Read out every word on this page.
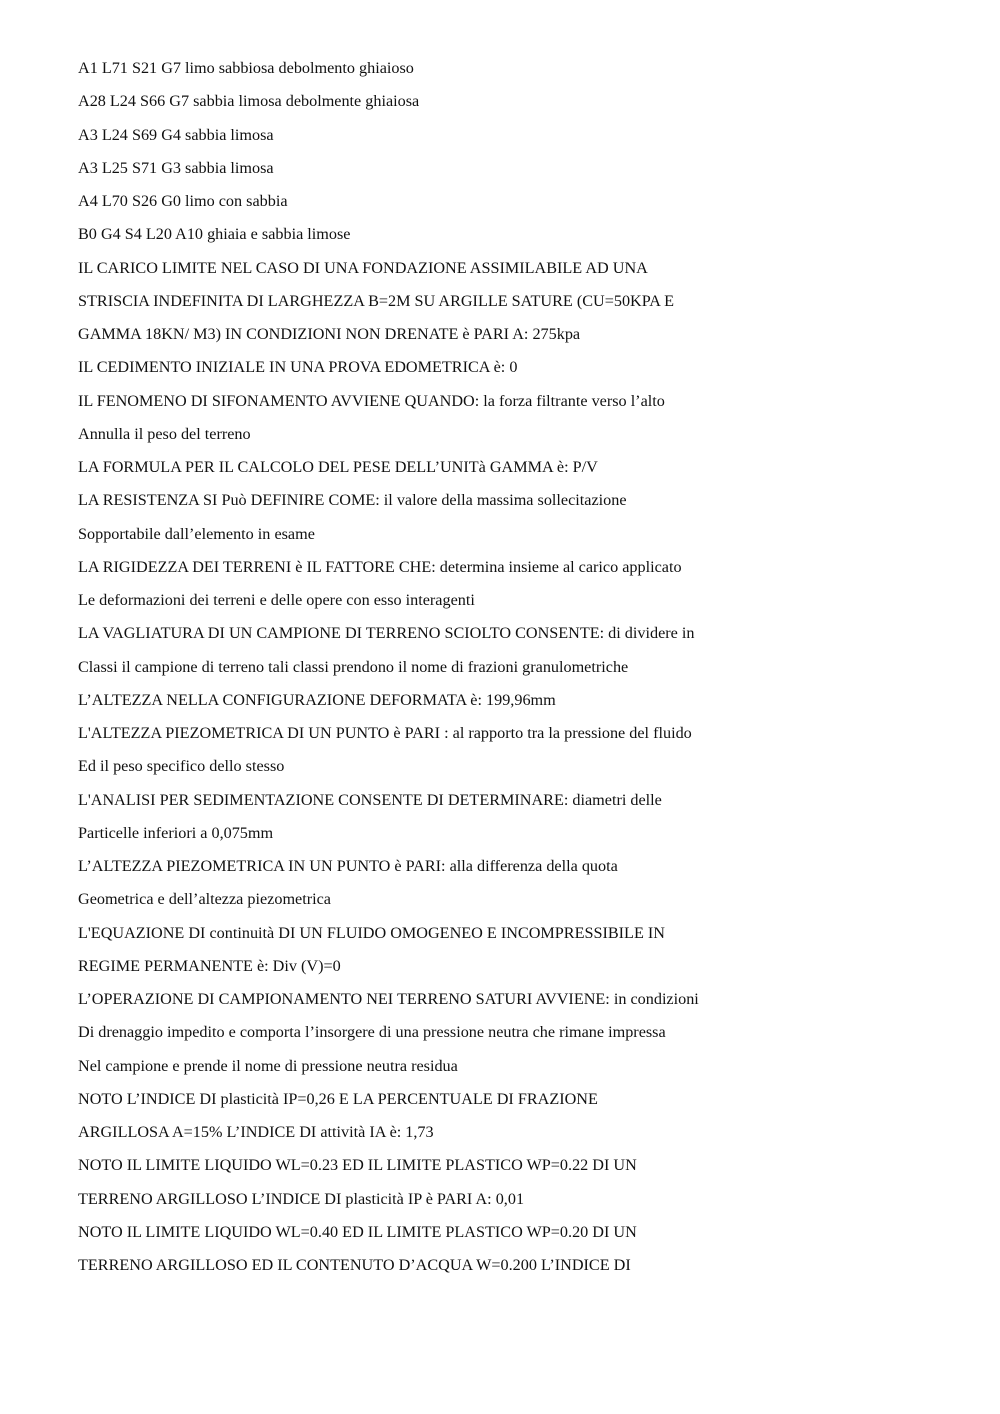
A1 L71 S21 G7 limo sabbiosa debolmento ghiaioso
A28 L24 S66 G7 sabbia limosa debolmente ghiaiosa
A3 L24 S69 G4 sabbia limosa
A3 L25 S71 G3 sabbia limosa
A4 L70 S26 G0 limo con sabbia
B0 G4 S4 L20 A10 ghiaia e sabbia limose
IL CARICO LIMITE NEL CASO DI UNA FONDAZIONE ASSIMILABILE AD UNA
STRISCIA INDEFINITA DI LARGHEZZA B=2M SU ARGILLE SATURE (CU=50KPA E
GAMMA 18KN/ M3) IN CONDIZIONI NON DRENATE è PARI A: 275kpa
IL CEDIMENTO INIZIALE IN UNA PROVA EDOMETRICA è: 0
IL FENOMENO DI SIFONAMENTO AVVIENE QUANDO: la forza filtrante verso l’alto
Annulla il peso del terreno
LA FORMULA PER IL CALCOLO DEL PESE DELL’UNITà GAMMA è: P/V
LA RESISTENZA SI Può DEFINIRE COME: il valore della massima sollecitazione
Sopportabile dall’elemento in esame
LA RIGIDEZZA DEI TERRENI è IL FATTORE CHE: determina insieme al carico applicato
Le deformazioni dei terreni e delle opere con esso interagenti
LA VAGLIATURA DI UN CAMPIONE DI TERRENO SCIOLTO CONSENTE: di dividere in
Classi il campione di terreno tali classi prendono il nome di frazioni granulometriche
L’ALTEZZA NELLA CONFIGURAZIONE DEFORMATA è: 199,96mm
L'ALTEZZA PIEZOMETRICA DI UN PUNTO è PARI : al rapporto tra la pressione del fluido
Ed il peso specifico dello stesso
L'ANALISI PER SEDIMENTAZIONE CONSENTE DI DETERMINARE: diametri delle
Particelle inferiori a 0,075mm
L’ALTEZZA PIEZOMETRICA IN UN PUNTO è PARI: alla differenza della quota
Geometrica e dell’altezza piezometrica
L'EQUAZIONE DI continuità DI UN FLUIDO OMOGENEO E INCOMPRESSIBILE IN
REGIME PERMANENTE è: Div (V)=0
L’OPERAZIONE DI CAMPIONAMENTO NEI TERRENO SATURI AVVIENE: in condizioni
Di drenaggio impedito e comporta l’insorgere di una pressione neutra che rimane impressa
Nel campione e prende il nome di pressione neutra residua
NOTO L’INDICE DI plasticità IP=0,26 E LA PERCENTUALE DI FRAZIONE
ARGILLOSA A=15% L’INDICE DI attività IA è: 1,73
NOTO IL LIMITE LIQUIDO WL=0.23 ED IL LIMITE PLASTICO WP=0.22 DI UN
TERRENO ARGILLOSO L’INDICE DI plasticità IP è PARI A: 0,01
NOTO IL LIMITE LIQUIDO WL=0.40 ED IL LIMITE PLASTICO WP=0.20 DI UN
TERRENO ARGILLOSO ED IL CONTENUTO D’ACQUA W=0.200 L’INDICE DI
